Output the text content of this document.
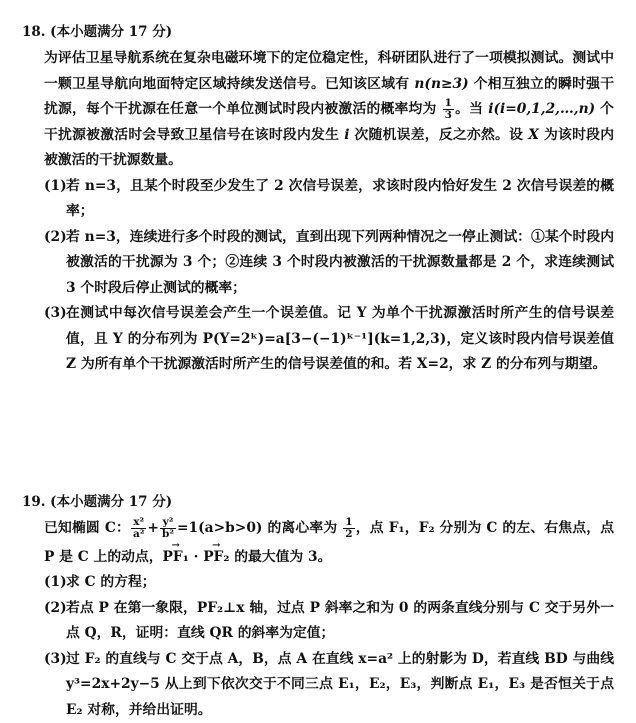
18. (本小题满分 17 分)

为评估卫星导航系统在复杂电磁环境下的定位稳定性，科研团队进行了一项模拟测试。测试中一颗卫星导航向地面特定区域持续发送信号。已知该区域有 n(n≥3) 个相互独立的瞬时强干扰源，每个干扰源在任意一个单位测试时段内被激活的概率均为 $\frac{1}{3}$ 。当 i(i=0,1,2,…,n) 个干扰源被激活时会导致卫星信号在该时段内发生 i 次随机误差，反之亦然。设 X 为该时段内被激活的干扰源数量。

(1) 若 n=3，且某个时段至少发生了 2 次信号误差，求该时段内恰好发生 2 次信号误差的概率；
(2) 若 n=3，连续进行多个时段的测试，直到出现下列两种情况之一停止测试：①某个时段内被激活的干扰源为 3 个；②连续 3 个时段内被激活的干扰源数量都是 2 个，求连续测试 3 个时段后停止测试的概率；
(3) 在测试中每次信号误差会产生一个误差值。记 Y 为单个干扰源激活时所产生的信号误差值，且 Y 的分布列为 P(Y=2ᵏ)=a[3−(−1)ᵏ⁻¹](k=1,2,3)，定义该时段内信号误差值 Z 为所有单个干扰源激活时所产生的信号误差值的和。若 X=2，求 Z 的分布列与期望。
19. (本小题满分 17 分)

已知椭圆 C： $\frac{\text{x²}}{\text{a²}} + \frac{\text{y²}}{\text{b²}} =1(a>b>0)$ 的离心率为 $\frac{1}{2}$ ，点 F₁，F₂ 分别为 C 的左、右焦点，点 P 是 C 上的动点，→ PF₁ · → PF₂ 的最大值为 3。

(1) 求 C 的方程；
(2) 若点 P 在第一象限，PF₂⊥x 轴，过点 P 斜率之和为 0 的两条直线分别与 C 交于另外一点 Q，R，证明：直线 QR 的斜率为定值；
(3) 过 F₂ 的直线与 C 交于点 A，B，点 A 在直线 x=a² 上的射影为 D，若直线 BD 与曲线 y³=2x+2y−5 从上到下依次交于不同三点 E₁，E₂，E₃，判断点 E₁，E₃ 是否恒关于点 E₂ 对称，并给出证明。
